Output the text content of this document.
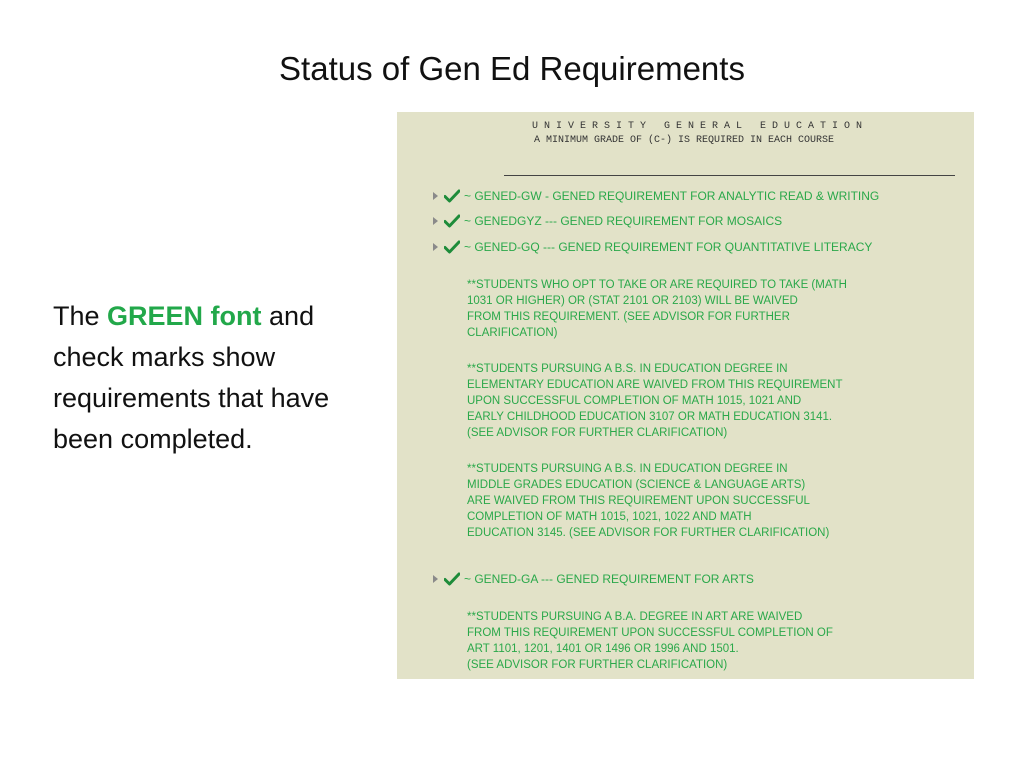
Status of Gen Ed Requirements
The GREEN font and check marks show requirements that have been completed.
UNIVERSITY GENERAL EDUCATION
A MINIMUM GRADE OF (C-) IS REQUIRED IN EACH COURSE
~ GENED-GW - GENED REQUIREMENT FOR ANALYTIC READ & WRITING
~ GENEDGYZ --- GENED REQUIREMENT FOR MOSAICS
~ GENED-GQ --- GENED REQUIREMENT FOR QUANTITATIVE LITERACY
**STUDENTS WHO OPT TO TAKE OR ARE REQUIRED TO TAKE (MATH
1031 OR HIGHER) OR (STAT 2101 OR 2103) WILL BE WAIVED
FROM THIS REQUIREMENT. (SEE ADVISOR FOR FURTHER
CLARIFICATION)
**STUDENTS PURSUING A B.S. IN EDUCATION DEGREE IN
ELEMENTARY EDUCATION ARE WAIVED FROM THIS REQUIREMENT
UPON SUCCESSFUL COMPLETION OF MATH 1015, 1021 AND
EARLY CHILDHOOD EDUCATION 3107 OR MATH EDUCATION 3141.
(SEE ADVISOR FOR FURTHER CLARIFICATION)
**STUDENTS PURSUING A B.S. IN EDUCATION DEGREE IN
MIDDLE GRADES EDUCATION (SCIENCE & LANGUAGE ARTS)
ARE WAIVED FROM THIS REQUIREMENT UPON SUCCESSFUL
COMPLETION OF MATH 1015, 1021, 1022 AND MATH
EDUCATION 3145. (SEE ADVISOR FOR FURTHER CLARIFICATION)
~ GENED-GA --- GENED REQUIREMENT FOR ARTS
**STUDENTS PURSUING A B.A. DEGREE IN ART ARE WAIVED
FROM THIS REQUIREMENT UPON SUCCESSFUL COMPLETION OF
ART 1101, 1201, 1401 OR 1496 OR 1996 AND 1501.
(SEE ADVISOR FOR FURTHER CLARIFICATION)
